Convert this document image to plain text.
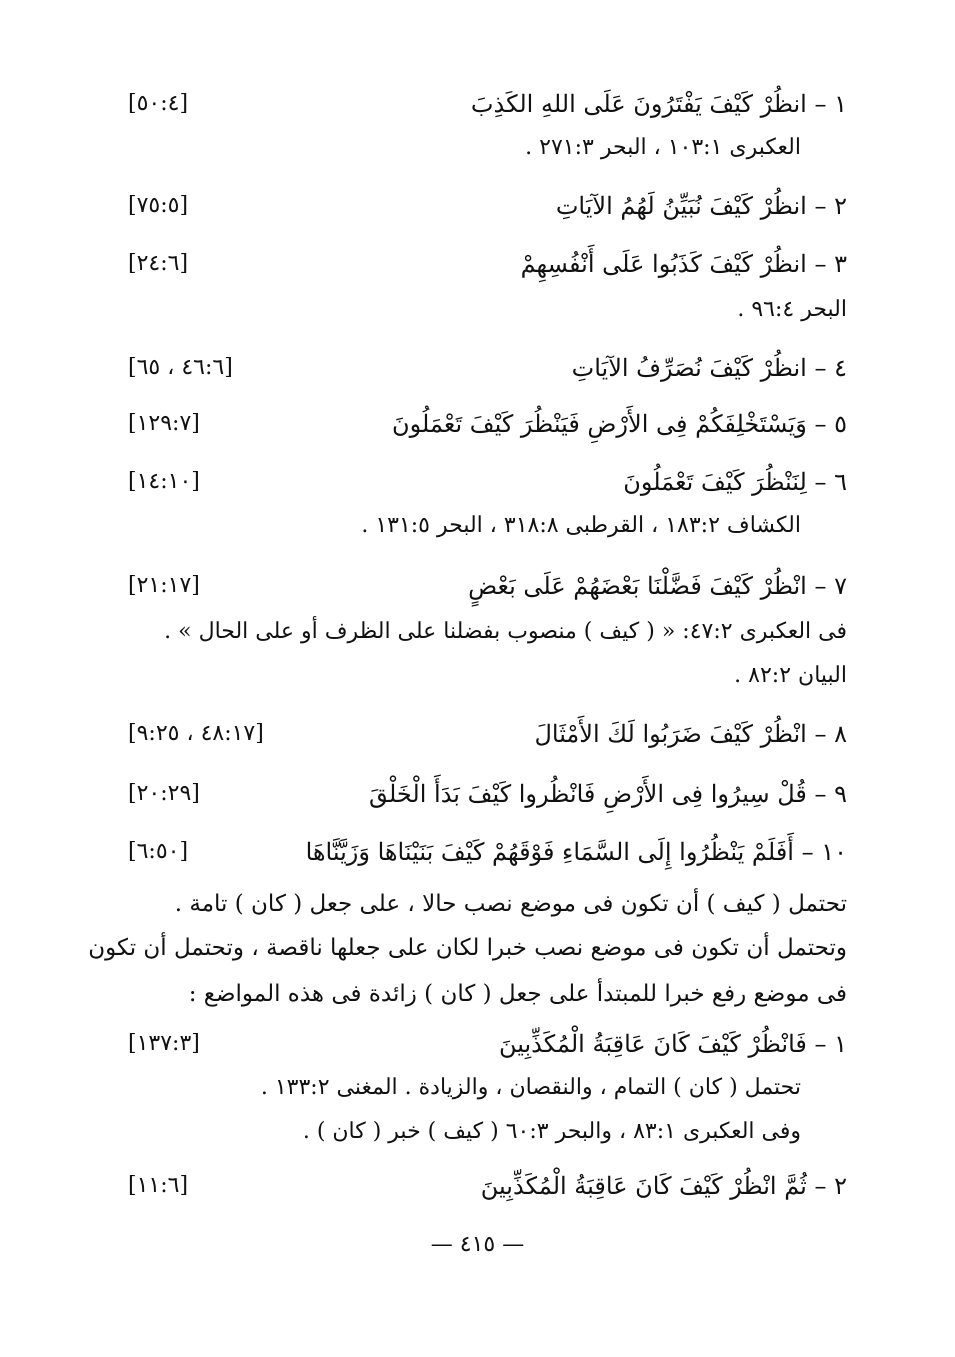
١ – انظُرْ كَيْفَ يَفْتَرُونَ عَلَى اللهِ الكَذِبَ
[٥٠:٤]
العكبرى ١٠٣:١ ، البحر ٢٧١:٣ .
٢ – انظُرْ كَيْفَ نُبَيِّنُ لَهُمُ الآيَاتِ
[٧٥:٥]
٣ – انظُرْ كَيْفَ كَذَبُوا عَلَى أَنْفُسِهِمْ
[٢٤:٦]
البحر ٩٦:٤ .
٤ – انظُرْ كَيْفَ نُصَرِّفُ الآيَاتِ
[٤٦:٦ ، ٦٥]
٥ – وَيَسْتَخْلِفَكُمْ فِى الأَرْضِ فَيَنْظُرَ كَيْفَ تَعْمَلُونَ
[١٢٩:٧]
٦ – لِنَنْظُرَ كَيْفَ تَعْمَلُونَ
[١٤:١٠]
الكشاف ١٨٣:٢ ، القرطبى ٣١٨:٨ ، البحر ١٣١:٥ .
٧ – انْظُرْ كَيْفَ فَضَّلْنَا بَعْضَهُمْ عَلَى بَعْضٍ
[٢١:١٧]
فى العكبرى ٤٧:٢: « ( كيف ) منصوب بفضلنا على الظرف أو على الحال » .
البيان ٨٢:٢ .
٨ – انْظُرْ كَيْفَ ضَرَبُوا لَكَ الأَمْثَالَ
[٤٨:١٧ ، ٩:٢٥]
٩ – قُلْ سِيرُوا فِى الأَرْضِ فَانْظُروا كَيْفَ بَدَأَ الْخَلْقَ
[٢٠:٢٩]
١٠ – أَفَلَمْ يَنْظُرُوا إِلَى السَّمَاءِ فَوْقَهُمْ كَيْفَ بَنَيْنَاهَا وَزَيَّنَّاهَا
[٦:٥٠]
تحتمل ( كيف ) أن تكون فى موضع نصب حالا ، على جعل ( كان ) تامة .
وتحتمل أن تكون فى موضع نصب خبرا لكان على جعلها ناقصة ، وتحتمل أن تكون
فى موضع رفع خبرا للمبتدأ على جعل ( كان ) زائدة فى هذه المواضع :
١ – فَانْظُرْ كَيْفَ كَانَ عَاقِبَةُ الْمُكَذِّبِينَ
[١٣٧:٣]
تحتمل ( كان ) التمام ، والنقصان ، والزيادة . المغنى ١٣٣:٢ .
وفى العكبرى ٨٣:١ ، والبحر ٦٠:٣ ( كيف ) خبر ( كان ) .
٢ – ثُمَّ انْظُرْ كَيْفَ كَانَ عَاقِبَةُ الْمُكَذِّبِينَ
[١١:٦]
— ٤١٥ —
